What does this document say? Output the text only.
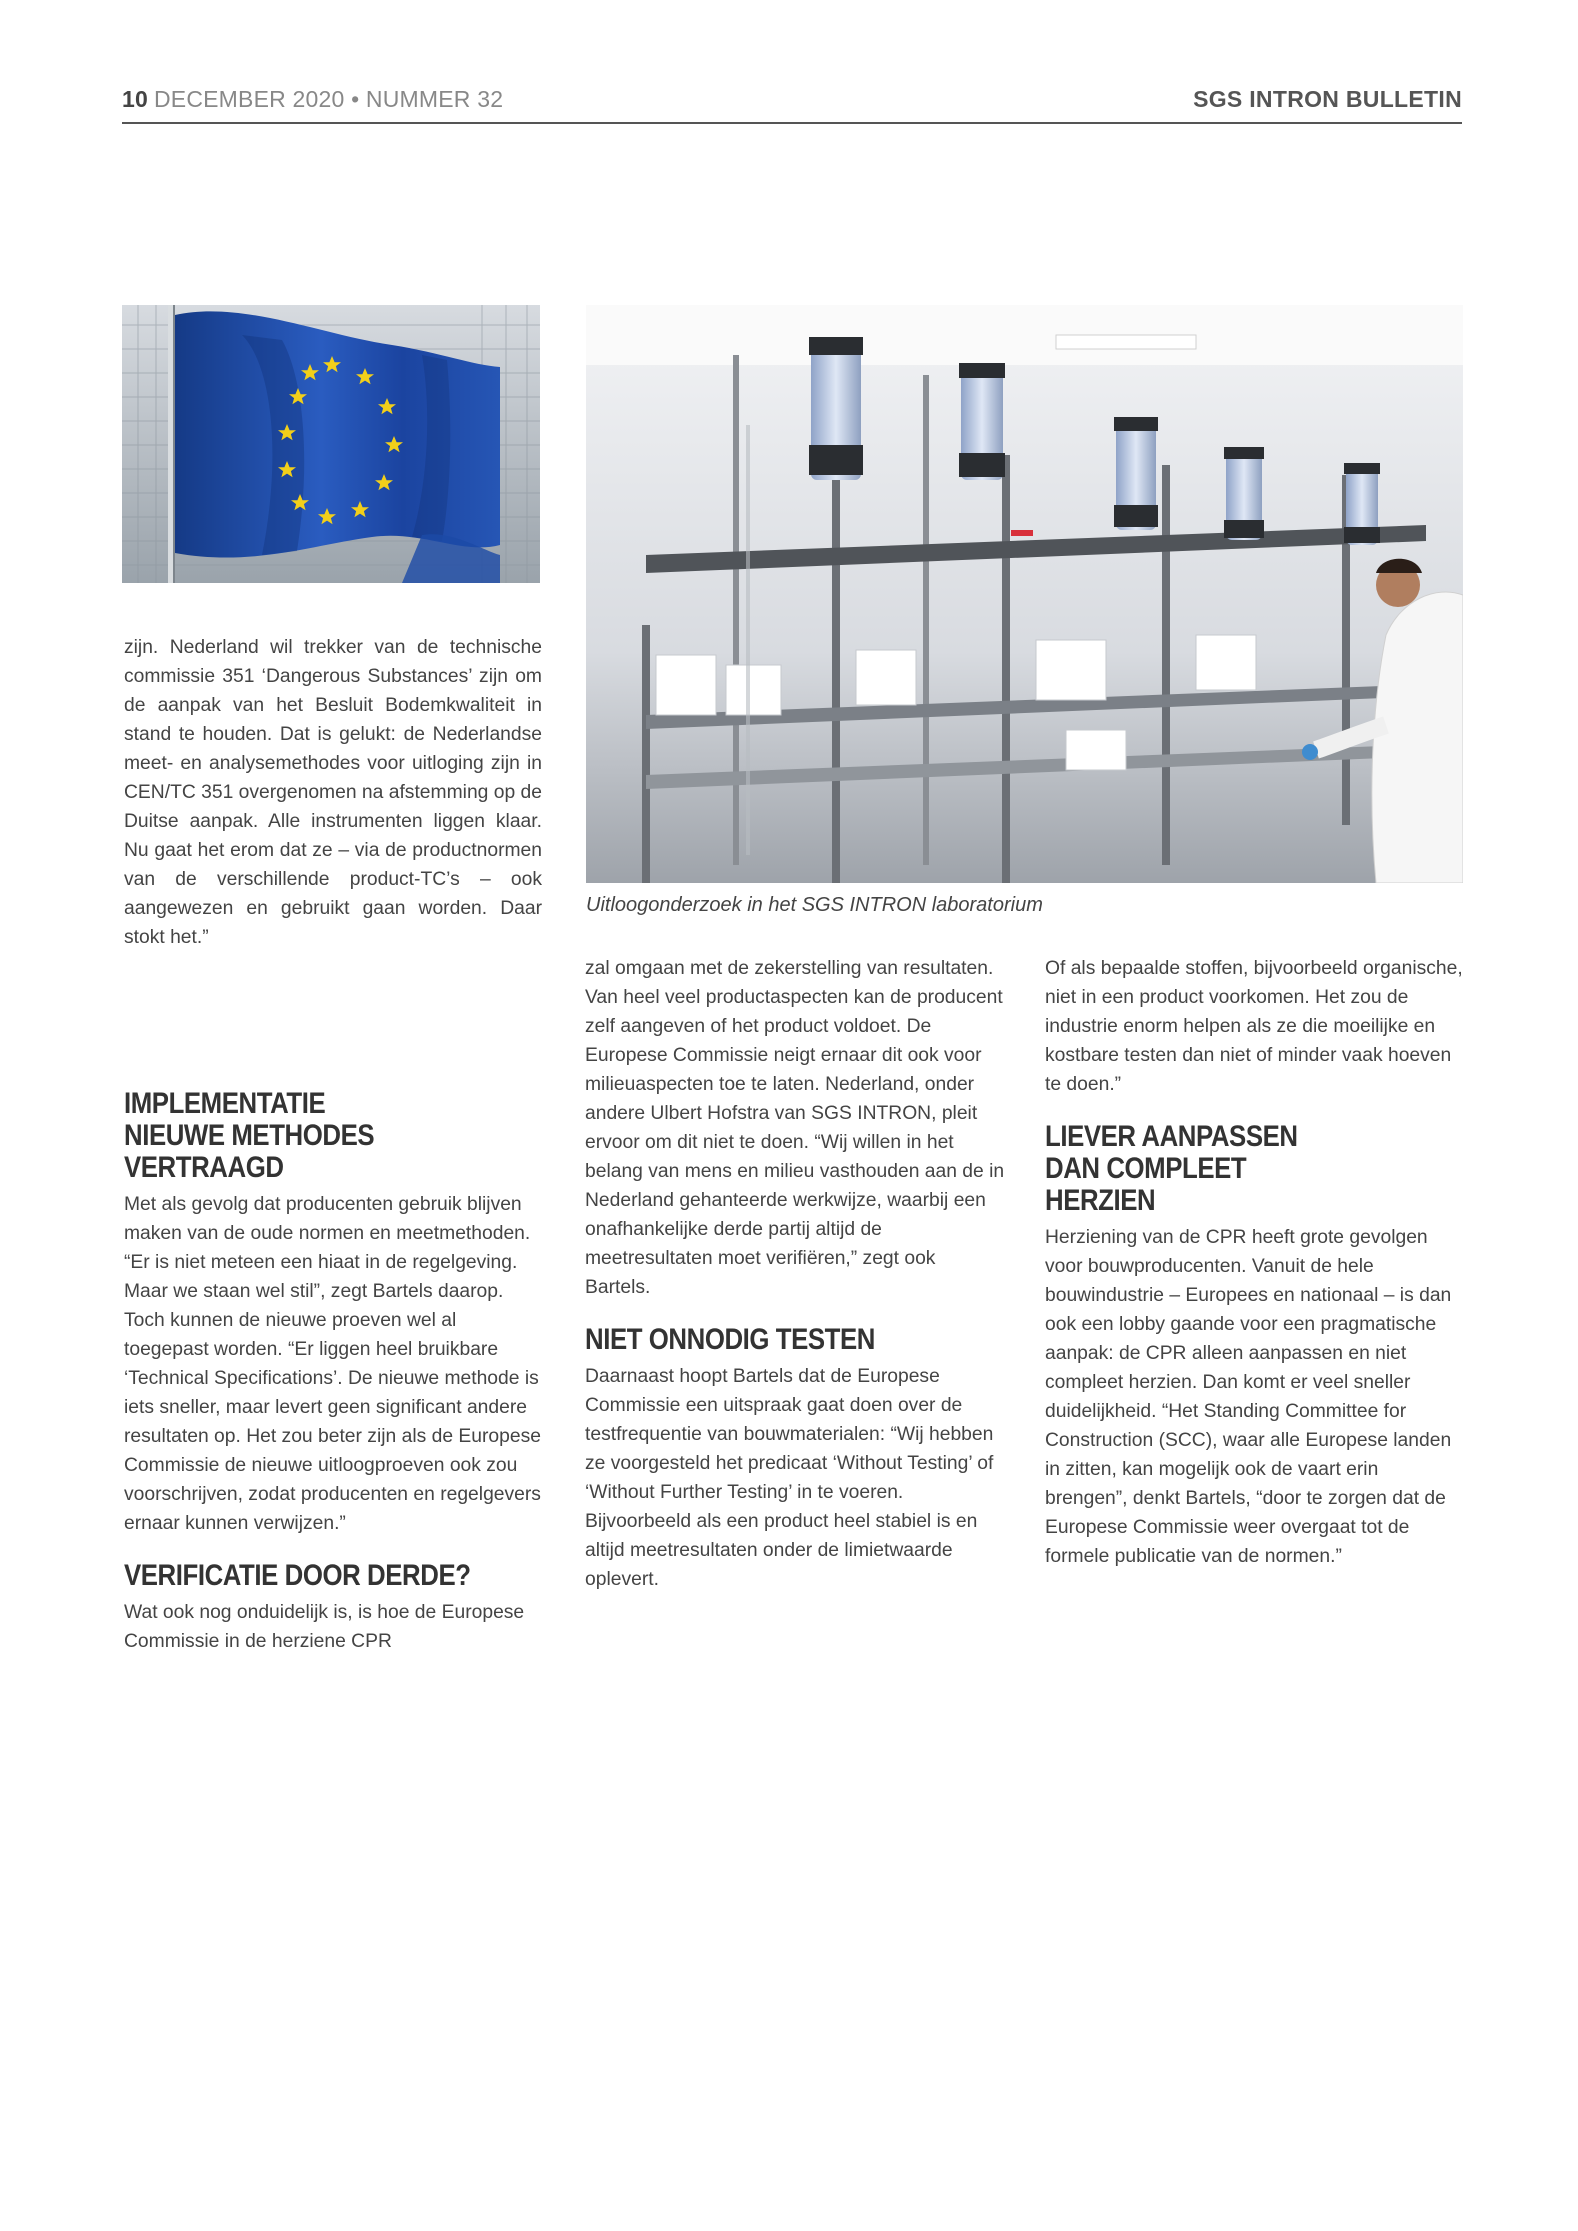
10 DECEMBER 2020 • NUMMER 32	SGS INTRON BULLETIN
Uitloogonderzoek in het SGS INTRON laboratorium

zijn. Nederland wil trekker van de technische commissie 351 ‘Dangerous Substances’ zijn om de aanpak van het Besluit Bodemkwaliteit in stand te houden. Dat is gelukt: de Nederlandse meet- en analysemethodes voor uitloging zijn in CEN/TC 351 overgenomen na afstemming op de Duitse aanpak. Alle instrumenten liggen klaar. Nu gaat het erom dat ze – via de productnormen van de verschillende product-TC’s – ook aangewezen en gebruikt gaan worden. Daar stokt het.”

IMPLEMENTATIE NIEUWE METHODES VERTRAAGD

Met als gevolg dat producenten gebruik blijven maken van de oude normen en meetmethoden. “Er is niet meteen een hiaat in de regelgeving. Maar we staan wel stil”, zegt Bartels daarop. Toch kunnen de nieuwe proeven wel al toegepast worden. “Er liggen heel bruikbare ‘Technical Specifications’. De nieuwe methode is iets sneller, maar levert geen significant andere resultaten op. Het zou beter zijn als de Europese Commissie de nieuwe uitloogproeven ook zou voorschrijven, zodat producenten en regelgevers ernaar kunnen verwijzen.”

VERIFICATIE DOOR DERDE?

Wat ook nog onduidelijk is, is hoe de Europese Commissie in de herziene CPR

zal omgaan met de zekerstelling van resultaten. Van heel veel productaspecten kan de producent zelf aangeven of het product voldoet. De Europese Commissie neigt ernaar dit ook voor milieuaspecten toe te laten. Nederland, onder andere Ulbert Hofstra van SGS INTRON, pleit ervoor om dit niet te doen. “Wij willen in het belang van mens en milieu vasthouden aan de in Nederland gehanteerde werkwijze, waarbij een onafhankelijke derde partij altijd de meetresultaten moet verifiëren,” zegt ook Bartels.

NIET ONNODIG TESTEN

Daarnaast hoopt Bartels dat de Europese Commissie een uitspraak gaat doen over de testfrequentie van bouwmaterialen: “Wij hebben ze voorgesteld het predicaat ‘Without Testing’ of ‘Without Further Testing’ in te voeren. Bijvoorbeeld als een product heel stabiel is en altijd meetresultaten onder de limietwaarde oplevert.

Of als bepaalde stoffen, bijvoorbeeld organische, niet in een product voorkomen. Het zou de industrie enorm helpen als ze die moeilijke en kostbare testen dan niet of minder vaak hoeven te doen.”

LIEVER AANPASSEN DAN COMPLEET HERZIEN

Herziening van de CPR heeft grote gevolgen voor bouwproducenten. Vanuit de hele bouwindustrie – Europees en nationaal – is dan ook een lobby gaande voor een pragmatische aanpak: de CPR alleen aanpassen en niet compleet herzien. Dan komt er veel sneller duidelijkheid. “Het Standing Committee for Construction (SCC), waar alle Europese landen in zitten, kan mogelijk ook de vaart erin brengen”, denkt Bartels, “door te zorgen dat de Europese Commissie weer overgaat tot de formele publicatie van de normen.”
